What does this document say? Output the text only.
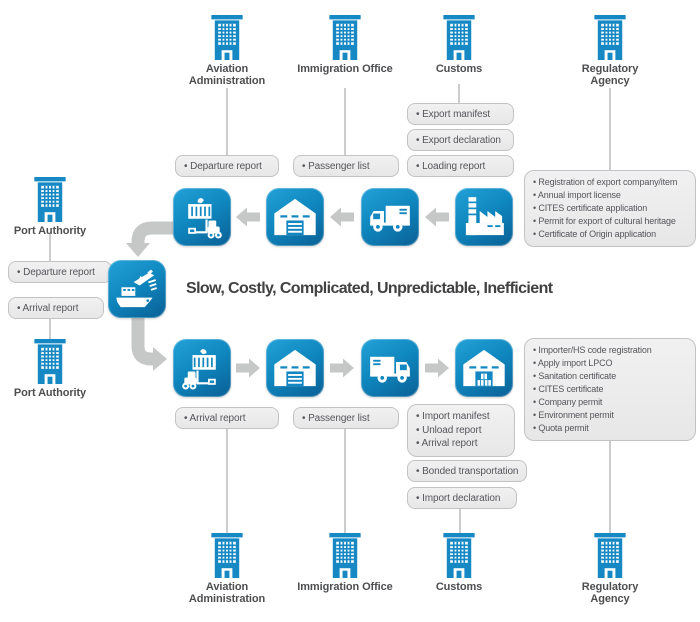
Aviation Administration
Immigration Office	Customs	Regulatory Agency
Port Authority
Port Authority
Aviation Administration
Immigration Office	Customs	Regulatory Agency
• Export manifest
• Export declaration
• Loading report
• Departure report	• Passenger list
• Registration of export company/item
• Annual import license
• CITES certificate application
• Permit for export of cultural heritage
• Certificate of Origin application
• Departure report
• Arrival report
Slow, Costly, Complicated, Unpredictable, Inefficient
• Importer/HS code registration
• Apply import LPCO
• Sanitation certificate
• CITES certificate
• Company permit
• Environment permit
• Quota permit
• Arrival report	• Passenger list	• Import manifest
• Unload report
• Arrival report
• Bonded transportation
• Import declaration
